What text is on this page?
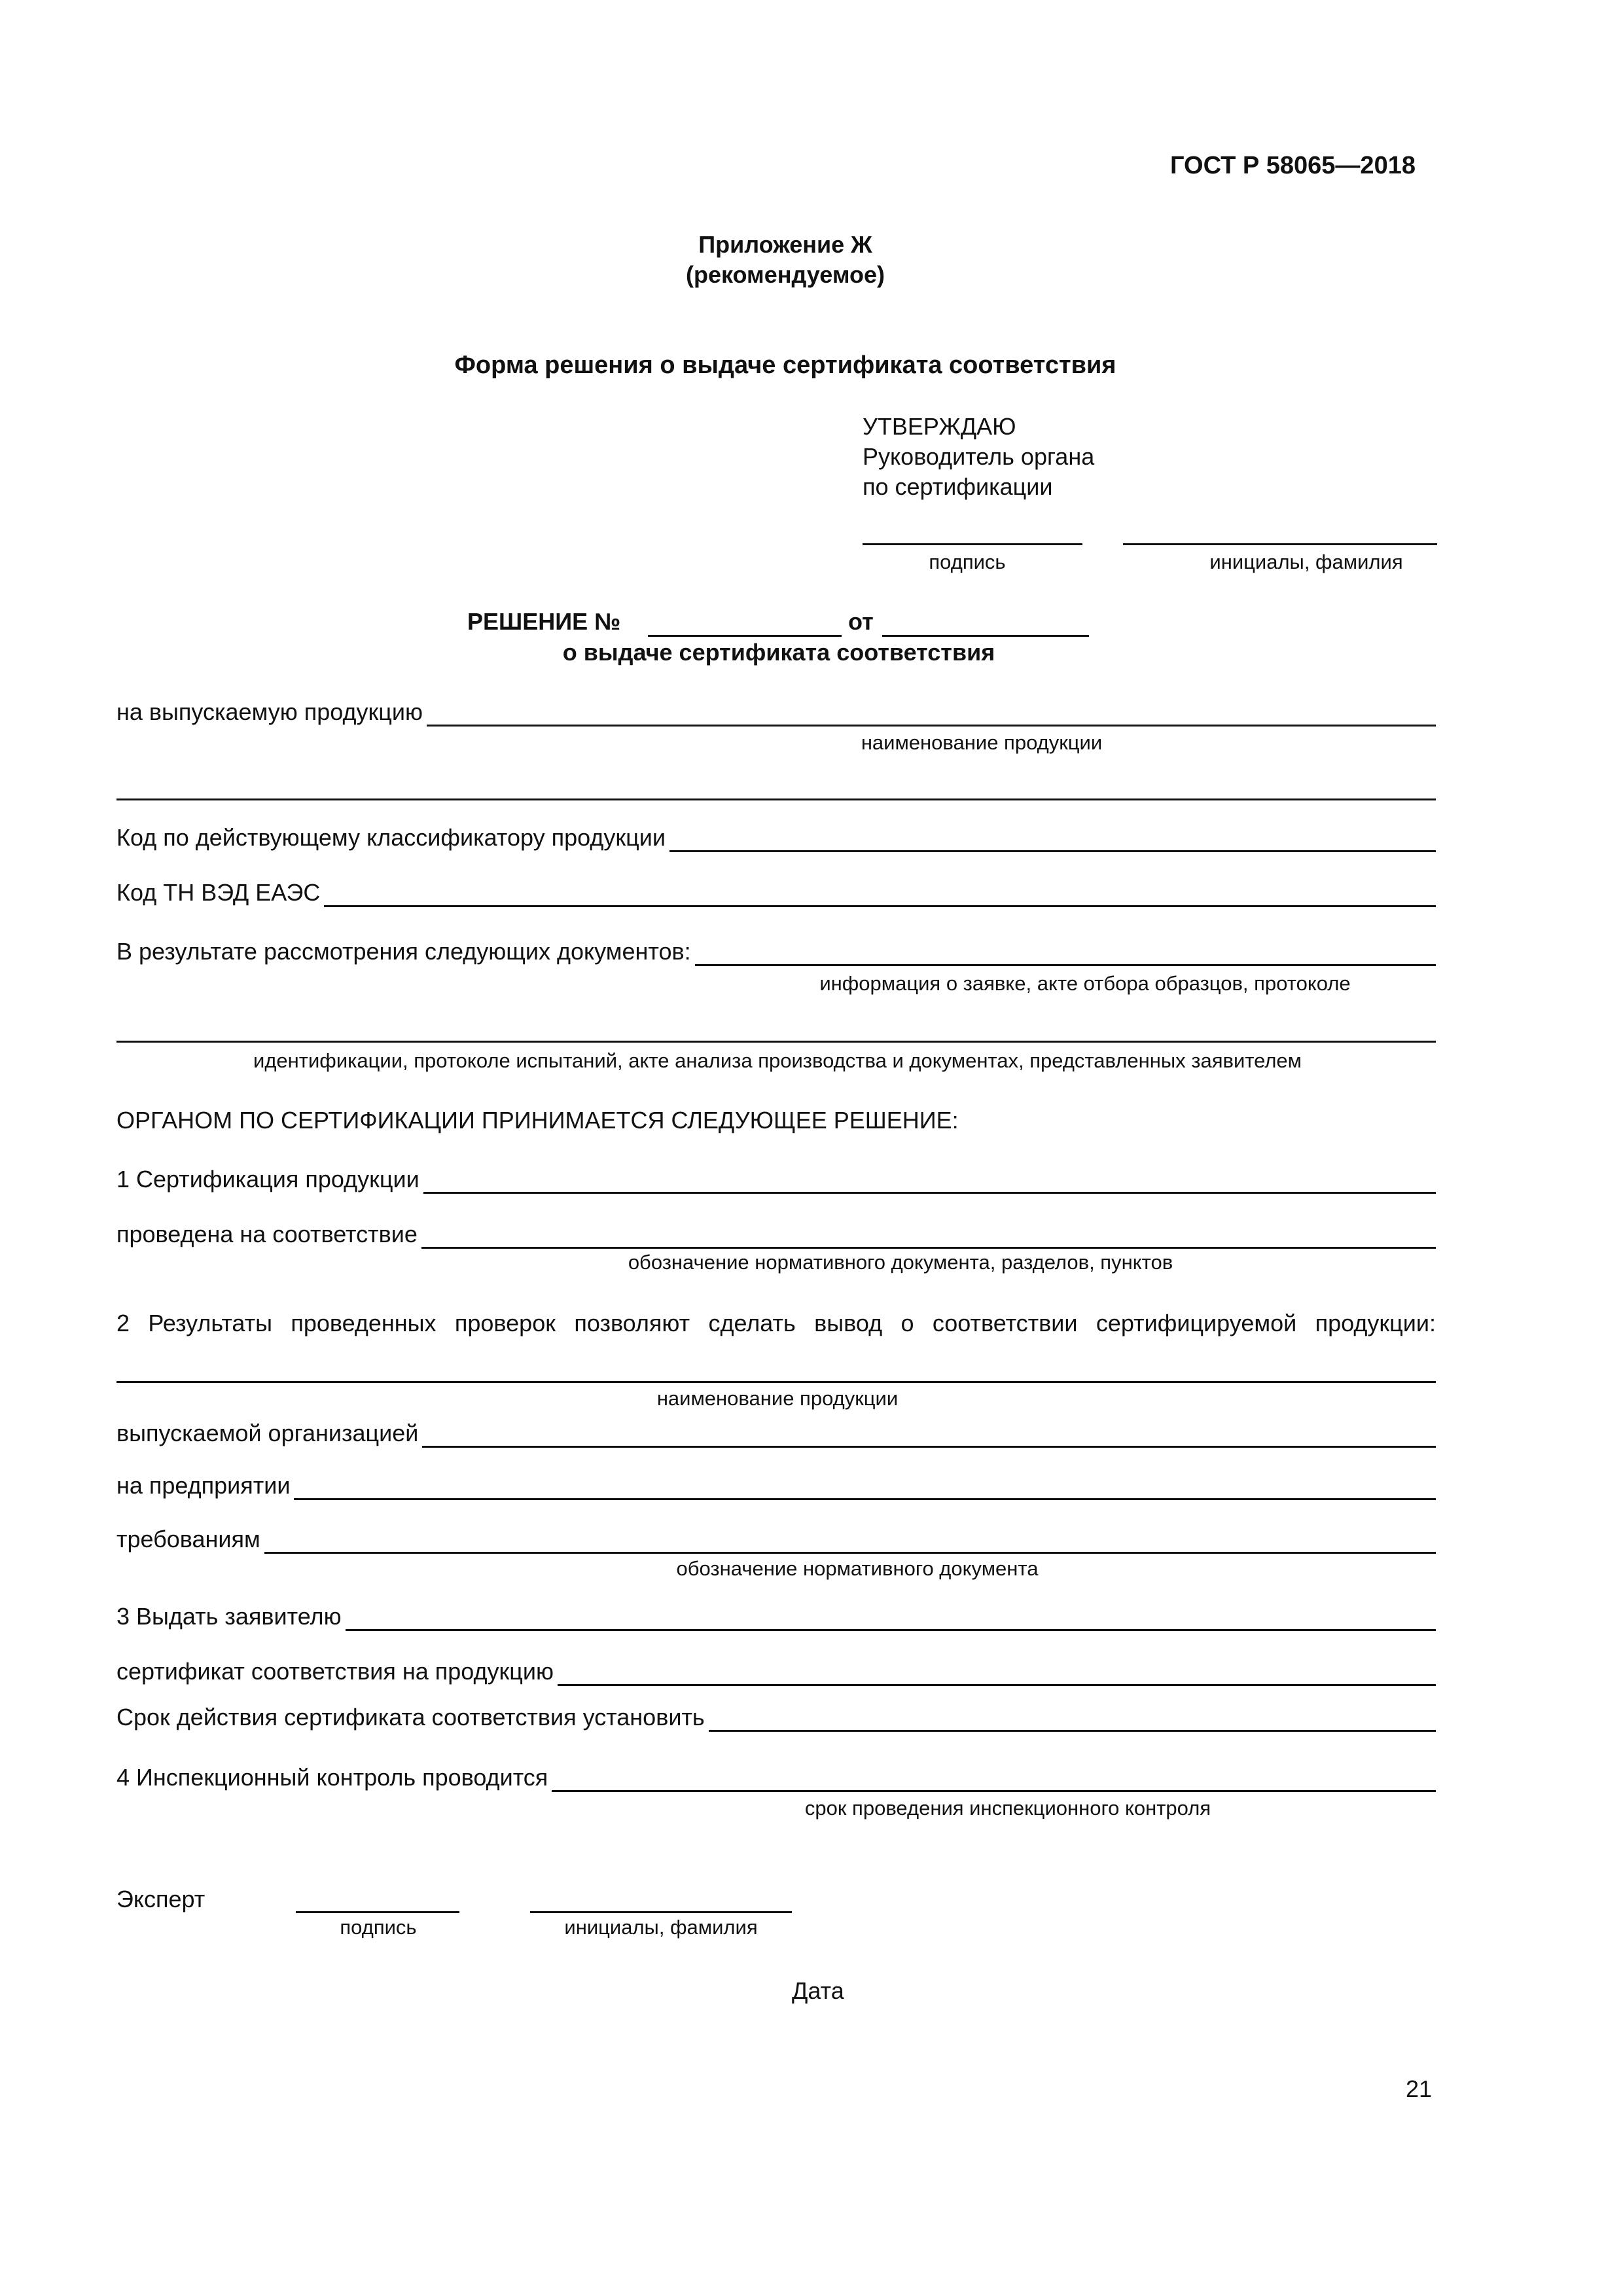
ГОСТ Р 58065—2018
Приложение Ж
(рекомендуемое)
Форма решения о выдаче сертификата соответствия
УТВЕРЖДАЮ
Руководитель органа
по сертификации
подпись	инициалы, фамилия
РЕШЕНИЕ №	от
о выдаче сертификата соответствия
на выпускаемую продукцию
наименование продукции
Код по действующему классификатору продукции
Код ТН ВЭД ЕАЭС
В результате рассмотрения следующих документов:
информация о заявке, акте отбора образцов, протоколе
идентификации, протоколе испытаний, акте анализа производства и документах, представленных заявителем
ОРГАНОМ ПО СЕРТИФИКАЦИИ ПРИНИМАЕТСЯ СЛЕДУЮЩЕЕ РЕШЕНИЕ:
1 Сертификация продукции
проведена на соответствие
обозначение нормативного документа, разделов, пунктов
2 Результаты проведенных проверок позволяют сделать вывод о соответствии сертифицируемой продукции:
наименование продукции
выпускаемой организацией
на предприятии
требованиям
обозначение нормативного документа
3 Выдать заявителю
сертификат соответствия на продукцию
Срок действия сертификата соответствия установить
4 Инспекционный контроль проводится
срок проведения инспекционного контроля
Эксперт
подпись	инициалы, фамилия
Дата
21
